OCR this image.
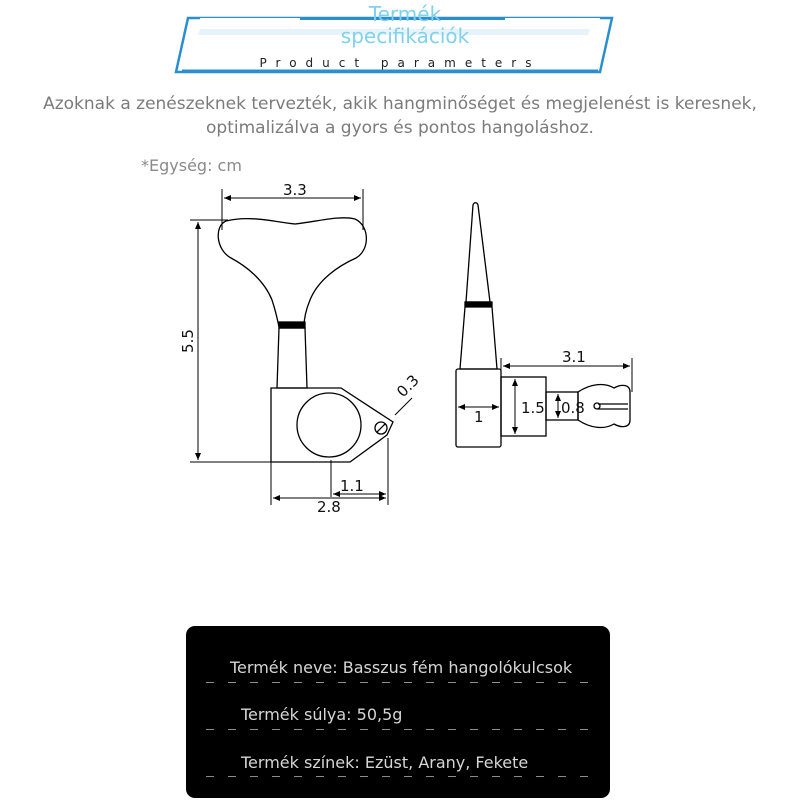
Termék specifikációk
Product parameters
Azoknak a zenészeknek tervezték, akik hangminőséget és megjelenést is keresnek,
optimalizálva a gyors és pontos hangoláshoz.
*Egység: cm
3.3
5.5
0.3
1.1
2.8
3.1
1 1.5 0.8
Termék neve: Basszus fém hangolókulcsok
Termék súlya: 50,5g
Termék színek: Ezüst, Arany, Fekete
